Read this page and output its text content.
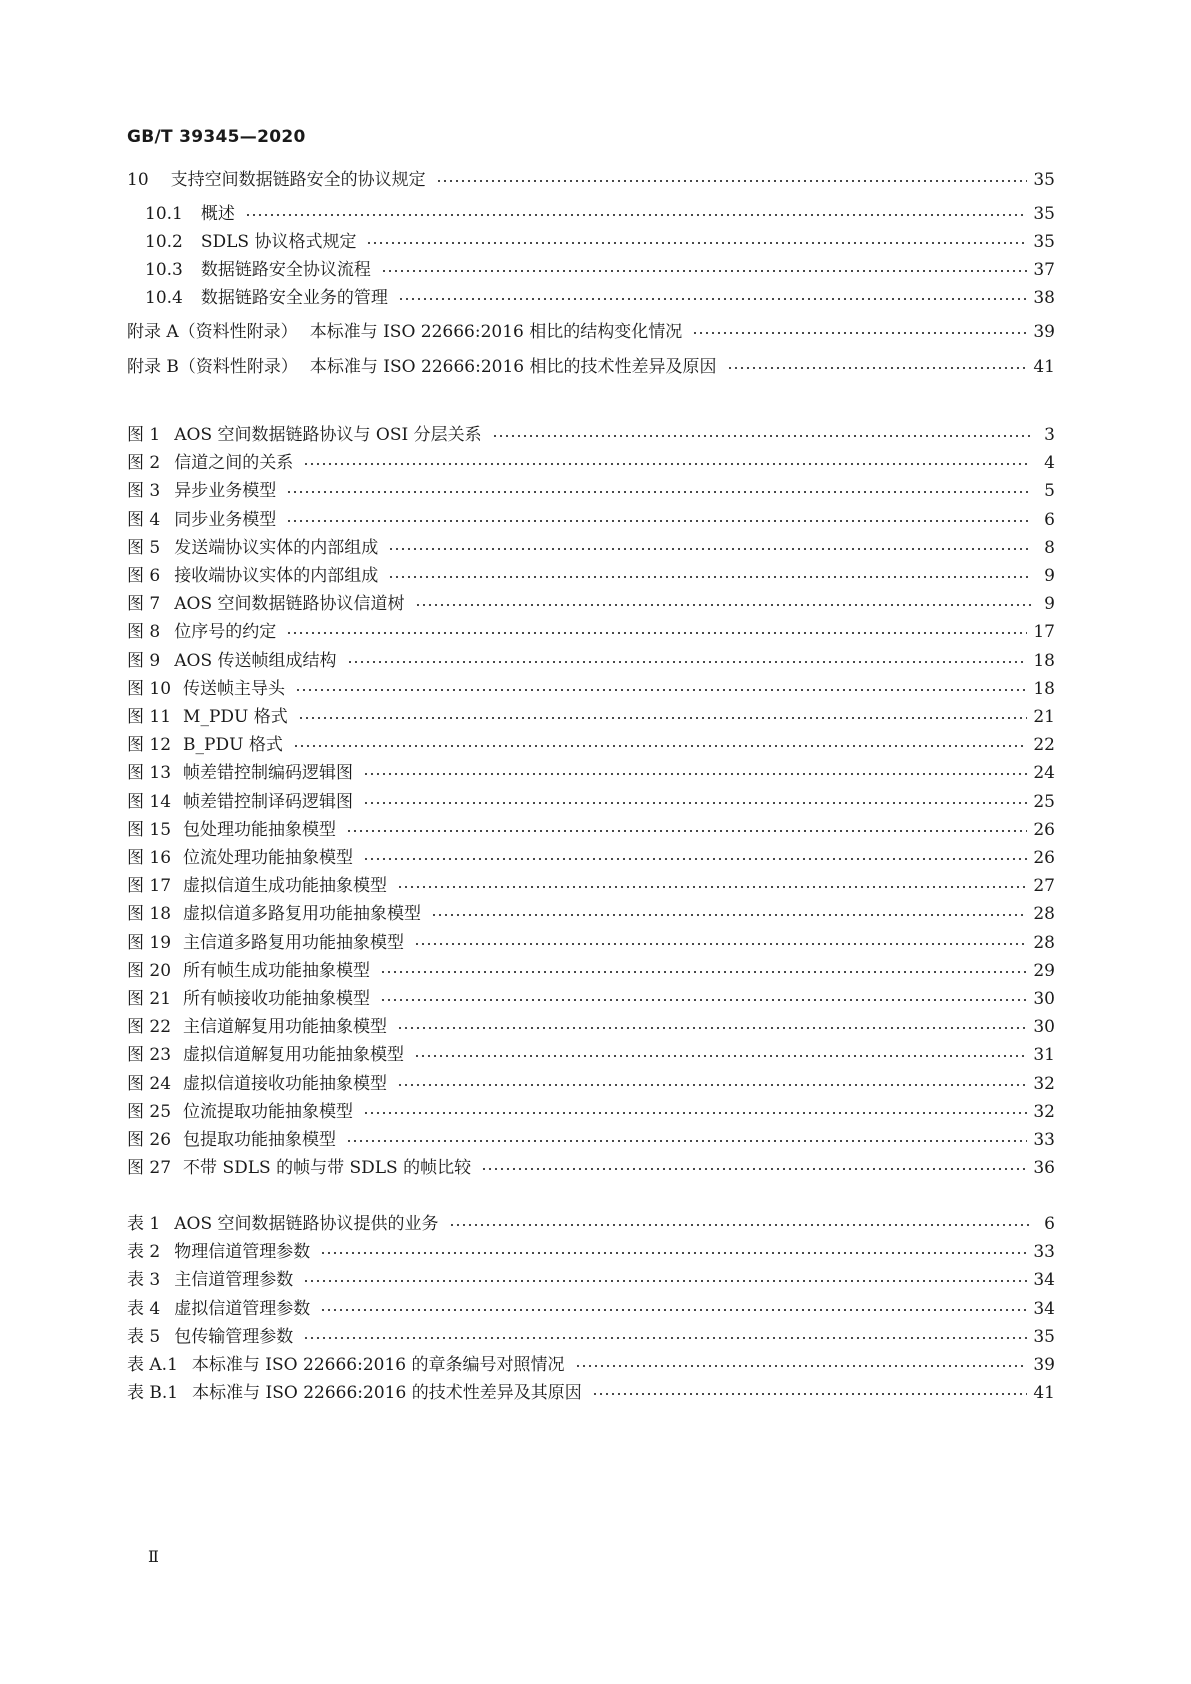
GB/T 39345—2020
10 支持空间数据链路安全的协议规定	35
10.1 概述	35
10.2 SDLS 协议格式规定	35
10.3 数据链路安全协议流程	37
10.4 数据链路安全业务的管理	38
附录 A（资料性附录） 本标准与 ISO 22666:2016 相比的结构变化情况	39
附录 B（资料性附录） 本标准与 ISO 22666:2016 相比的技术性差异及原因	41
图 1 AOS 空间数据链路协议与 OSI 分层关系	3
图 2 信道之间的关系	4
图 3 异步业务模型	5
图 4 同步业务模型	6
图 5 发送端协议实体的内部组成	8
图 6 接收端协议实体的内部组成	9
图 7 AOS 空间数据链路协议信道树	9
图 8 位序号的约定	17
图 9 AOS 传送帧组成结构	18
图 10 传送帧主导头	18
图 11 M_PDU 格式	21
图 12 B_PDU 格式	22
图 13 帧差错控制编码逻辑图	24
图 14 帧差错控制译码逻辑图	25
图 15 包处理功能抽象模型	26
图 16 位流处理功能抽象模型	26
图 17 虚拟信道生成功能抽象模型	27
图 18 虚拟信道多路复用功能抽象模型	28
图 19 主信道多路复用功能抽象模型	28
图 20 所有帧生成功能抽象模型	29
图 21 所有帧接收功能抽象模型	30
图 22 主信道解复用功能抽象模型	30
图 23 虚拟信道解复用功能抽象模型	31
图 24 虚拟信道接收功能抽象模型	32
图 25 位流提取功能抽象模型	32
图 26 包提取功能抽象模型	33
图 27 不带 SDLS 的帧与带 SDLS 的帧比较	36
表 1 AOS 空间数据链路协议提供的业务	6
表 2 物理信道管理参数	33
表 3 主信道管理参数	34
表 4 虚拟信道管理参数	34
表 5 包传输管理参数	35
表 A.1 本标准与 ISO 22666:2016 的章条编号对照情况	39
表 B.1 本标准与 ISO 22666:2016 的技术性差异及其原因	41
Ⅱ
